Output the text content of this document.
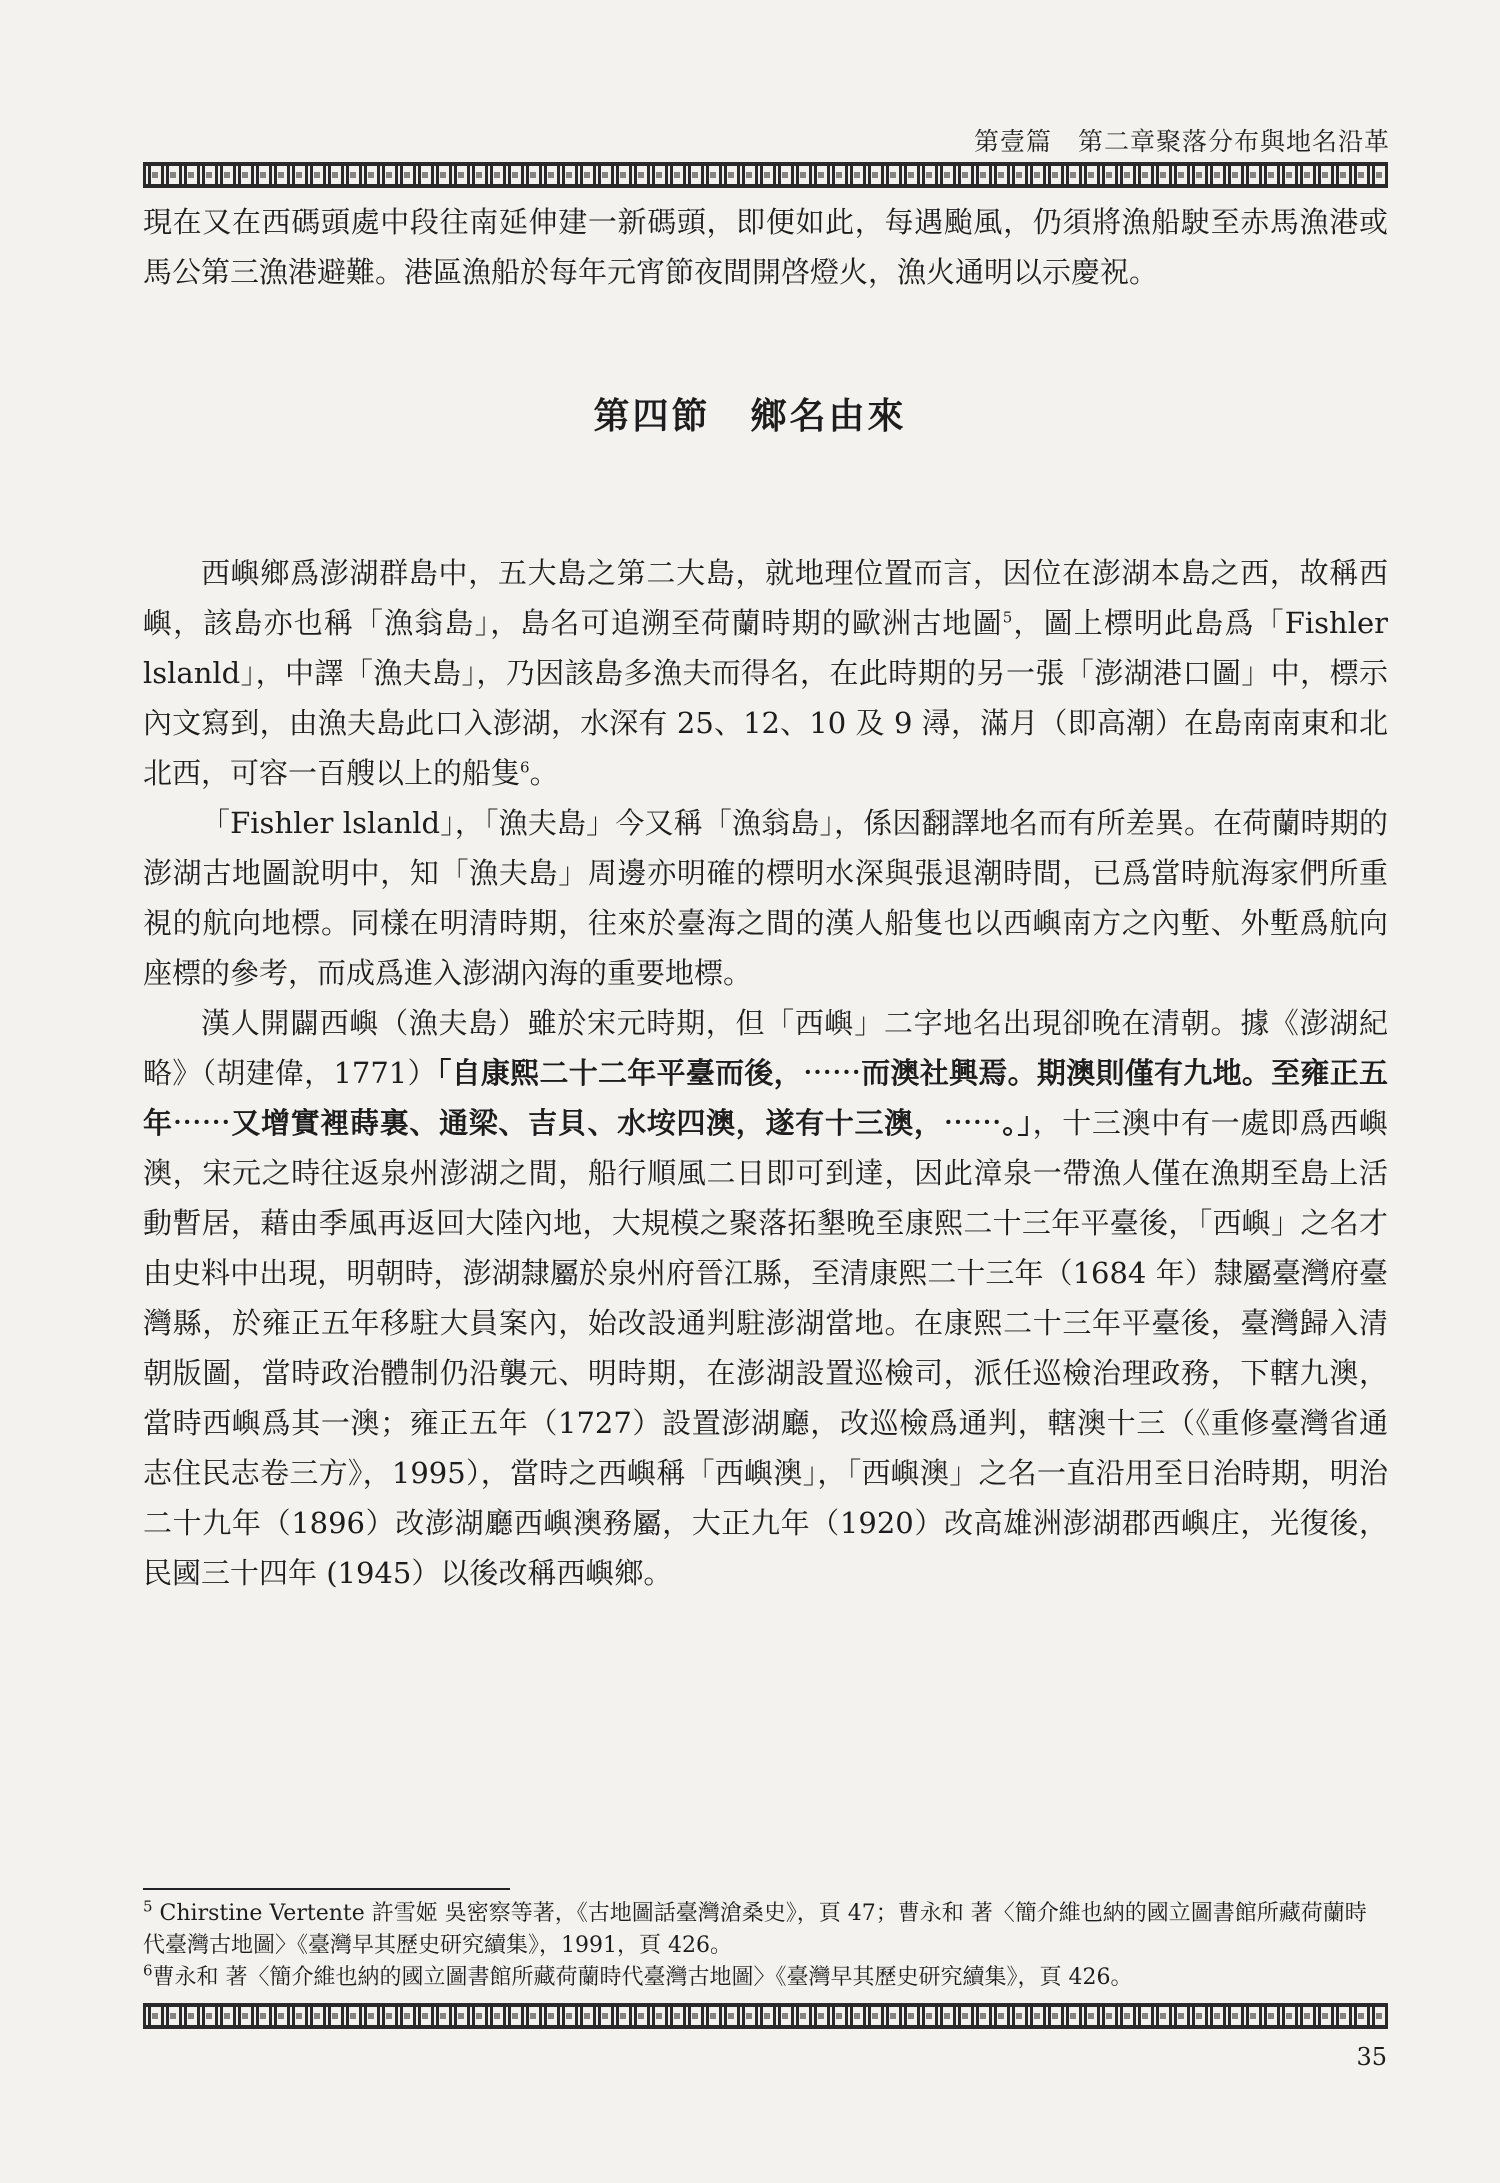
第壹篇 第二章聚落分布與地名沿革

現在又在西碼頭處中段往南延伸建一新碼頭，即便如此，每遇颱風，仍須將漁船駛至赤馬漁港或馬公第三漁港避難。港區漁船於每年元宵節夜間開啓燈火，漁火通明以示慶祝。

第四節 鄉名由來

西嶼鄉爲澎湖群島中，五大島之第二大島，就地理位置而言，因位在澎湖本島之西，故稱西嶼，該島亦也稱「漁翁島」，島名可追溯至荷蘭時期的歐洲古地圖$^5$，圖上標明此島爲「Fishler lslanld」，中譯「漁夫島」，乃因該島多漁夫而得名，在此時期的另一張「澎湖港口圖」中，標示內文寫到，由漁夫島此口入澎湖，水深有 25、12、10 及 9 潯，滿月（即高潮）在島南南東和北北西，可容一百艘以上的船隻$^6$。

「Fishler lslanld」，「漁夫島」今又稱「漁翁島」，係因翻譯地名而有所差異。在荷蘭時期的澎湖古地圖說明中，知「漁夫島」周邊亦明確的標明水深與張退潮時間，已爲當時航海家們所重視的航向地標。同樣在明清時期，往來於臺海之間的漢人船隻也以西嶼南方之內塹、外塹爲航向座標的參考，而成爲進入澎湖內海的重要地標。

漢人開闢西嶼（漁夫島）雖於宋元時期，但「西嶼」二字地名出現卻晚在清朝。據《澎湖紀略》（胡建偉，1771）「自康熙二十二年平臺而後，⋯⋯而澳社興焉。期澳則僅有九地。至雍正五年⋯⋯又增實裡蒔裏、通梁、吉貝、水垵四澳，遂有十三澳，⋯⋯。」，十三澳中有一處即爲西嶼澳，宋元之時往返泉州澎湖之間，船行順風二日即可到達，因此漳泉一帶漁人僅在漁期至島上活動暫居，藉由季風再返回大陸內地，大規模之聚落拓墾晚至康熙二十三年平臺後，「西嶼」之名才由史料中出現，明朝時，澎湖隸屬於泉州府晉江縣，至清康熙二十三年（1684 年）隸屬臺灣府臺灣縣，於雍正五年移駐大員案內，始改設通判駐澎湖當地。在康熙二十三年平臺後，臺灣歸入清朝版圖，當時政治體制仍沿襲元、明時期，在澎湖設置巡檢司，派任巡檢治理政務，下轄九澳，當時西嶼爲其一澳；雍正五年（1727）設置澎湖廳，改巡檢爲通判，轄澳十三（《重修臺灣省通志住民志卷三方》，1995），當時之西嶼稱「西嶼澳」，「西嶼澳」之名一直沿用至日治時期，明治二十九年（1896）改澎湖廳西嶼澳務屬，大正九年（1920）改高雄洲澎湖郡西嶼庄，光復後，民國三十四年 (1945）以後改稱西嶼鄉。

$^5$ Chirstine Vertente 許雪姬 吳密察等著，《古地圖話臺灣滄桑史》，頁 47；曹永和 著〈簡介維也納的國立圖書館所藏荷蘭時代臺灣古地圖〉《臺灣早其歷史研究續集》，1991，頁 426。

$^6$曹永和 著〈簡介維也納的國立圖書館所藏荷蘭時代臺灣古地圖〉《臺灣早其歷史研究續集》，頁 426。

35
